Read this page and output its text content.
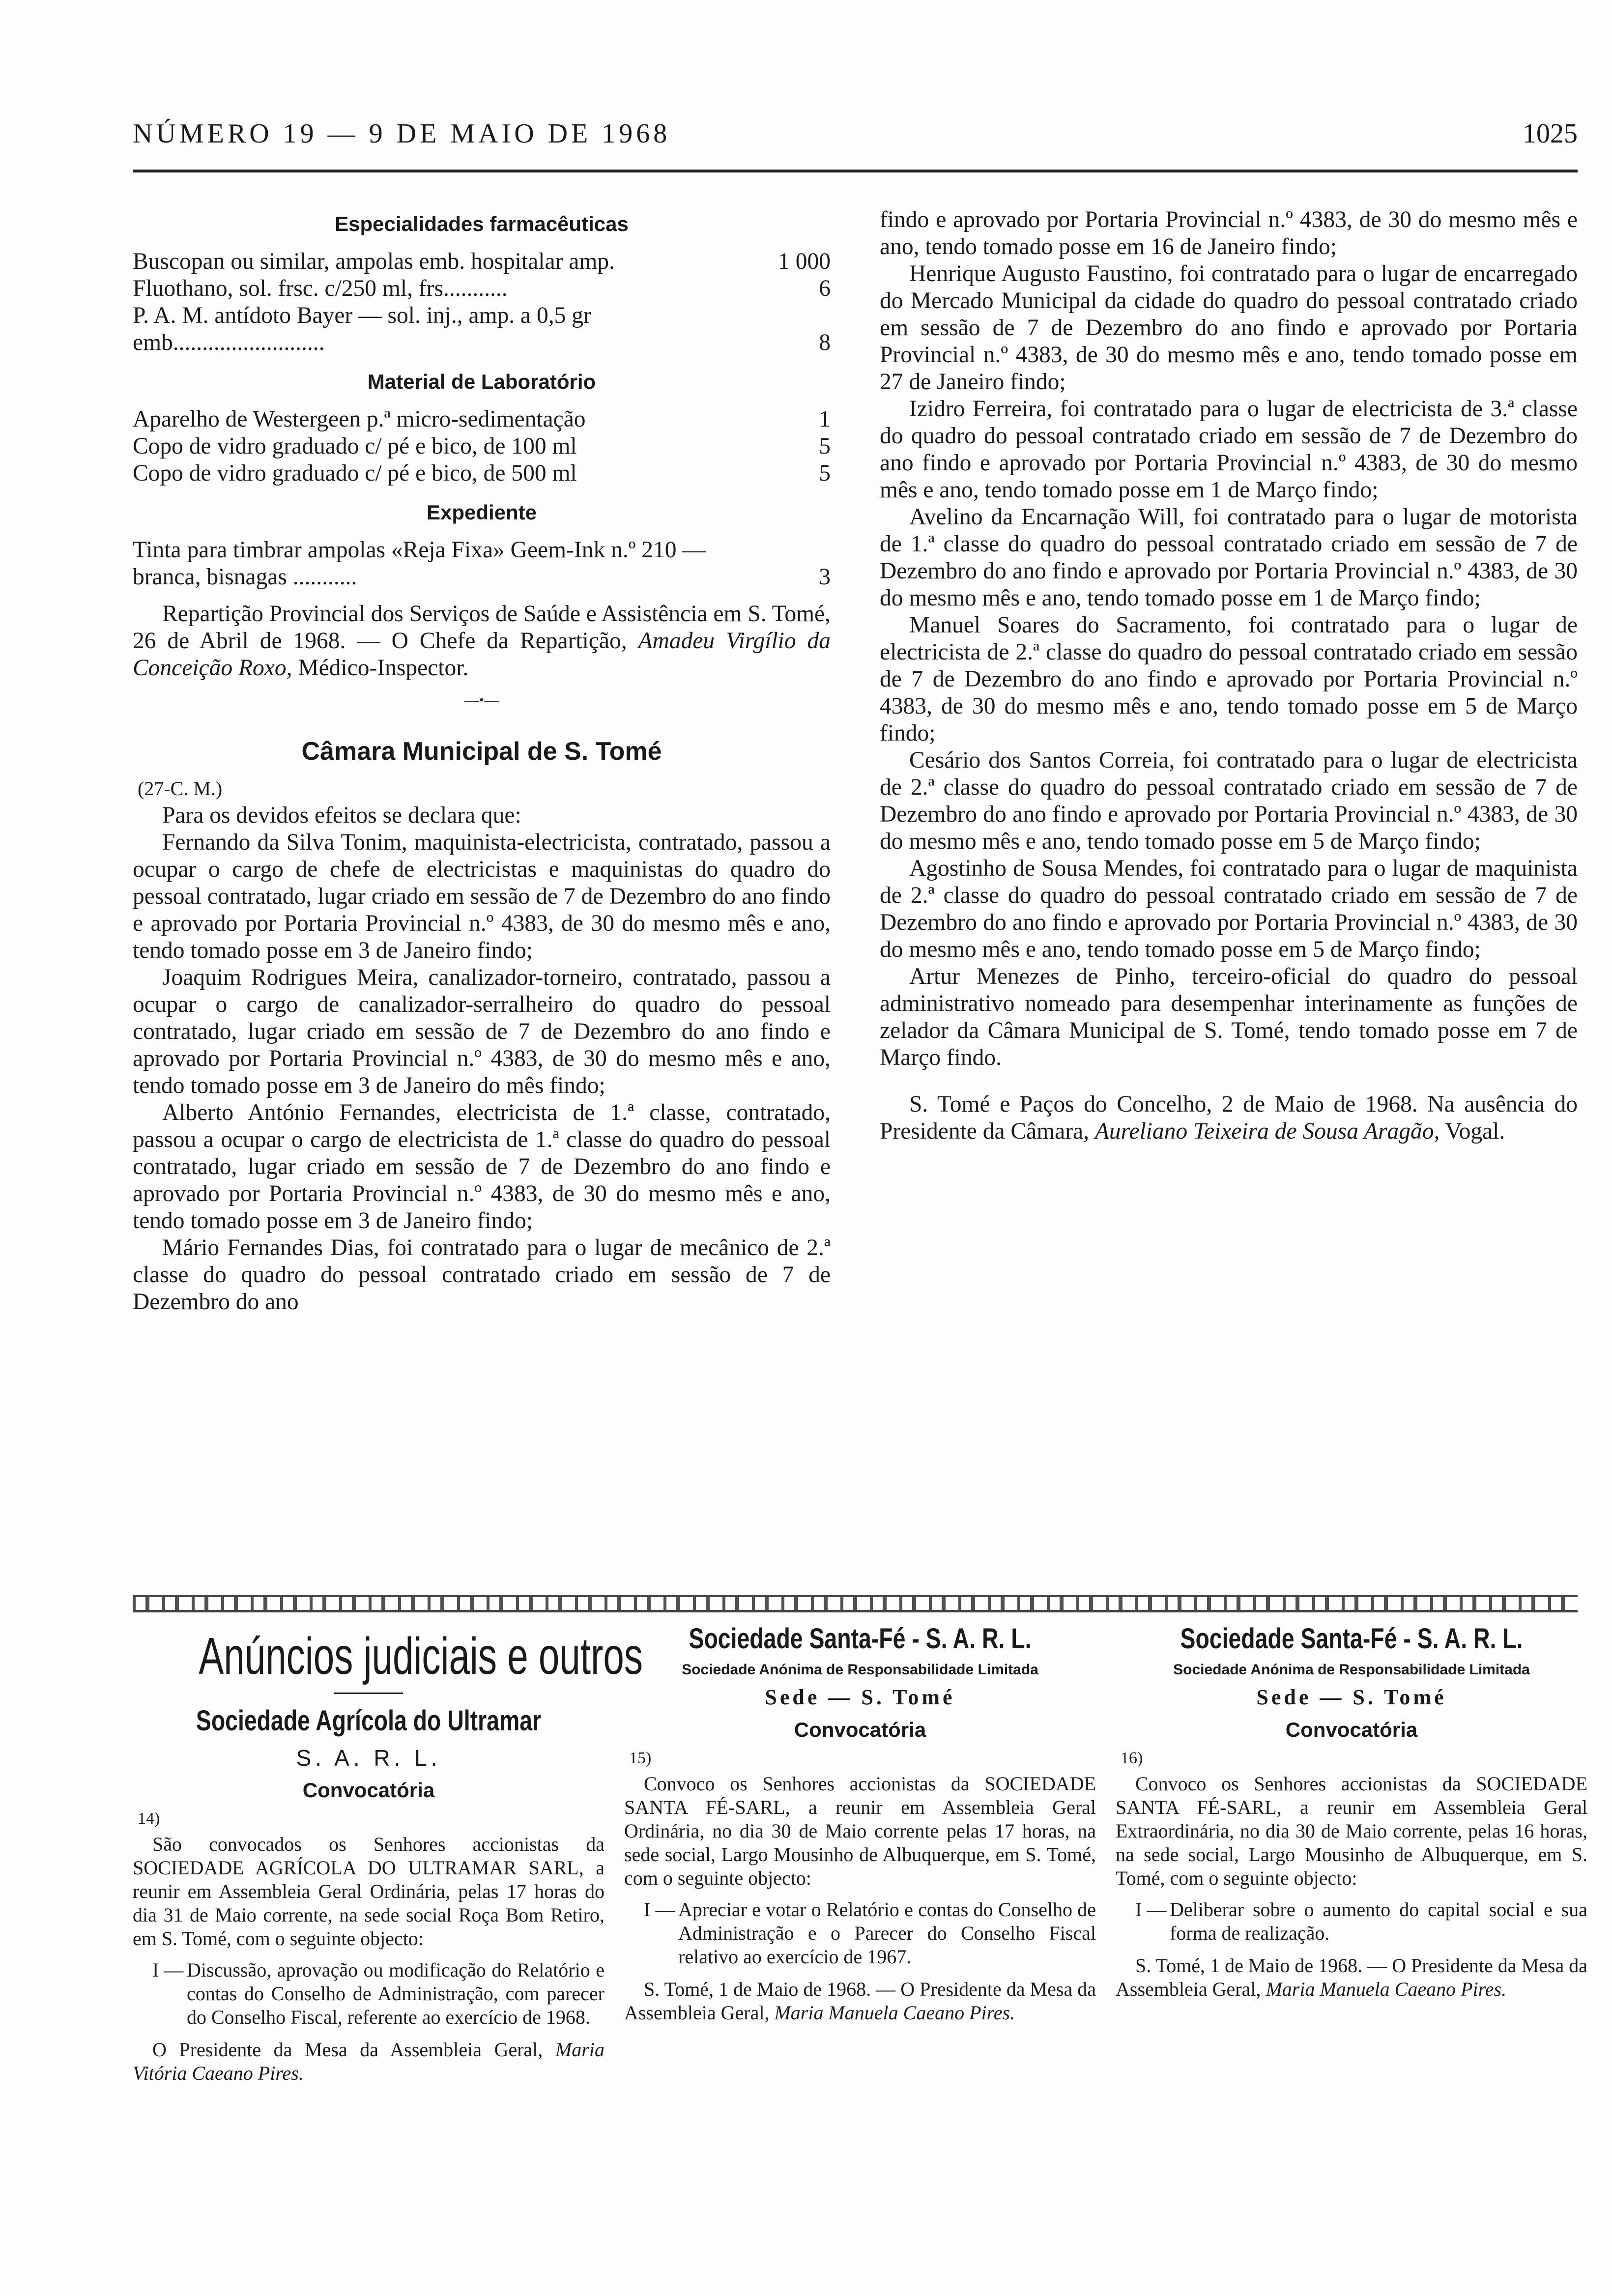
NÚMERO 19 — 9 DE MAIO DE 1968	1025
Especialidades farmacêuticas
Buscopan ou similar, ampolas emb. hospitalar amp.	1 000
Fluothano, sol. frsc. c/250 ml, frs...........	6
P. A. M. antídoto Bayer — sol. inj., amp. a 0,5 gr emb..........................	8
Material de Laboratório
Aparelho de Westergeen p.ª micro-sedimentação	1
Copo de vidro graduado c/ pé e bico, de 100 ml	5
Copo de vidro graduado c/ pé e bico, de 500 ml	5
Expediente
Tinta para timbrar ampolas «Reja Fixa» Geem-Ink n.º 210 — branca, bisnagas ...........	3

Repartição Provincial dos Serviços de Saúde e Assistência em S. Tomé, 26 de Abril de 1968. — O Chefe da Repartição, Amadeu Virgílio da Conceição Roxo, Médico-Inspector.

—•—
Câmara Municipal de S. Tomé
(27-C. M.)

Para os devidos efeitos se declara que:

Fernando da Silva Tonim, maquinista-electricista, contratado, passou a ocupar o cargo de chefe de electricistas e maquinistas do quadro do pessoal contratado, lugar criado em sessão de 7 de Dezembro do ano findo e aprovado por Portaria Provincial n.º 4383, de 30 do mesmo mês e ano, tendo tomado posse em 3 de Janeiro findo;

Joaquim Rodrigues Meira, canalizador-torneiro, contratado, passou a ocupar o cargo de canalizador-serralheiro do quadro do pessoal contratado, lugar criado em sessão de 7 de Dezembro do ano findo e aprovado por Portaria Provincial n.º 4383, de 30 do mesmo mês e ano, tendo tomado posse em 3 de Janeiro do mês findo;

Alberto António Fernandes, electricista de 1.ª classe, contratado, passou a ocupar o cargo de electricista de 1.ª classe do quadro do pessoal contratado, lugar criado em sessão de 7 de Dezembro do ano findo e aprovado por Portaria Provincial n.º 4383, de 30 do mesmo mês e ano, tendo tomado posse em 3 de Janeiro findo;

Mário Fernandes Dias, foi contratado para o lugar de mecânico de 2.ª classe do quadro do pessoal contratado criado em sessão de 7 de Dezembro do ano

findo e aprovado por Portaria Provincial n.º 4383, de 30 do mesmo mês e ano, tendo tomado posse em 16 de Janeiro findo;

Henrique Augusto Faustino, foi contratado para o lugar de encarregado do Mercado Municipal da cidade do quadro do pessoal contratado criado em sessão de 7 de Dezembro do ano findo e aprovado por Portaria Provincial n.º 4383, de 30 do mesmo mês e ano, tendo tomado posse em 27 de Janeiro findo;

Izidro Ferreira, foi contratado para o lugar de electricista de 3.ª classe do quadro do pessoal contratado criado em sessão de 7 de Dezembro do ano findo e aprovado por Portaria Provincial n.º 4383, de 30 do mesmo mês e ano, tendo tomado posse em 1 de Março findo;

Avelino da Encarnação Will, foi contratado para o lugar de motorista de 1.ª classe do quadro do pessoal contratado criado em sessão de 7 de Dezembro do ano findo e aprovado por Portaria Provincial n.º 4383, de 30 do mesmo mês e ano, tendo tomado posse em 1 de Março findo;

Manuel Soares do Sacramento, foi contratado para o lugar de electricista de 2.ª classe do quadro do pessoal contratado criado em sessão de 7 de Dezembro do ano findo e aprovado por Portaria Provincial n.º 4383, de 30 do mesmo mês e ano, tendo tomado posse em 5 de Março findo;

Cesário dos Santos Correia, foi contratado para o lugar de electricista de 2.ª classe do quadro do pessoal contratado criado em sessão de 7 de Dezembro do ano findo e aprovado por Portaria Provincial n.º 4383, de 30 do mesmo mês e ano, tendo tomado posse em 5 de Março findo;

Agostinho de Sousa Mendes, foi contratado para o lugar de maquinista de 2.ª classe do quadro do pessoal contratado criado em sessão de 7 de Dezembro do ano findo e aprovado por Portaria Provincial n.º 4383, de 30 do mesmo mês e ano, tendo tomado posse em 5 de Março findo;

Artur Menezes de Pinho, terceiro-oficial do quadro do pessoal administrativo nomeado para desempenhar interinamente as funções de zelador da Câmara Municipal de S. Tomé, tendo tomado posse em 7 de Março findo.

S. Tomé e Paços do Concelho, 2 de Maio de 1968. Na ausência do Presidente da Câmara, Aureliano Teixeira de Sousa Aragão, Vogal.

Anúncios judiciais e outros
Sociedade Agrícola do Ultramar
S. A. R. L.
Convocatória
14)

São convocados os Senhores accionistas da SOCIEDADE AGRÍCOLA DO ULTRAMAR SARL, a reunir em Assembleia Geral Ordinária, pelas 17 horas do dia 31 de Maio corrente, na sede social Roça Bom Retiro, em S. Tomé, com o seguinte objecto:

I — Discussão, aprovação ou modificação do Relatório e contas do Conselho de Administração, com parecer do Conselho Fiscal, referente ao exercício de 1968.

O Presidente da Mesa da Assembleia Geral, Maria Vitória Caeano Pires.

Sociedade Santa-Fé - S. A. R. L.
Sociedade Anónima de Responsabilidade Limitada
Sede — S. Tomé
Convocatória
15)

Convoco os Senhores accionistas da SOCIEDADE SANTA FÉ-SARL, a reunir em Assembleia Geral Ordinária, no dia 30 de Maio corrente pelas 17 horas, na sede social, Largo Mousinho de Albuquerque, em S. Tomé, com o seguinte objecto:

I — Apreciar e votar o Relatório e contas do Conselho de Administração e o Parecer do Conselho Fiscal relativo ao exercício de 1967.

S. Tomé, 1 de Maio de 1968. — O Presidente da Mesa da Assembleia Geral, Maria Manuela Caeano Pires.

Sociedade Santa-Fé - S. A. R. L.
Sociedade Anónima de Responsabilidade Limitada
Sede — S. Tomé
Convocatória
16)

Convoco os Senhores accionistas da SOCIEDADE SANTA FÉ-SARL, a reunir em Assembleia Geral Extraordinária, no dia 30 de Maio corrente, pelas 16 horas, na sede social, Largo Mousinho de Albuquerque, em S. Tomé, com o seguinte objecto:

I — Deliberar sobre o aumento do capital social e sua forma de realização.

S. Tomé, 1 de Maio de 1968. — O Presidente da Mesa da Assembleia Geral, Maria Manuela Caeano Pires.
